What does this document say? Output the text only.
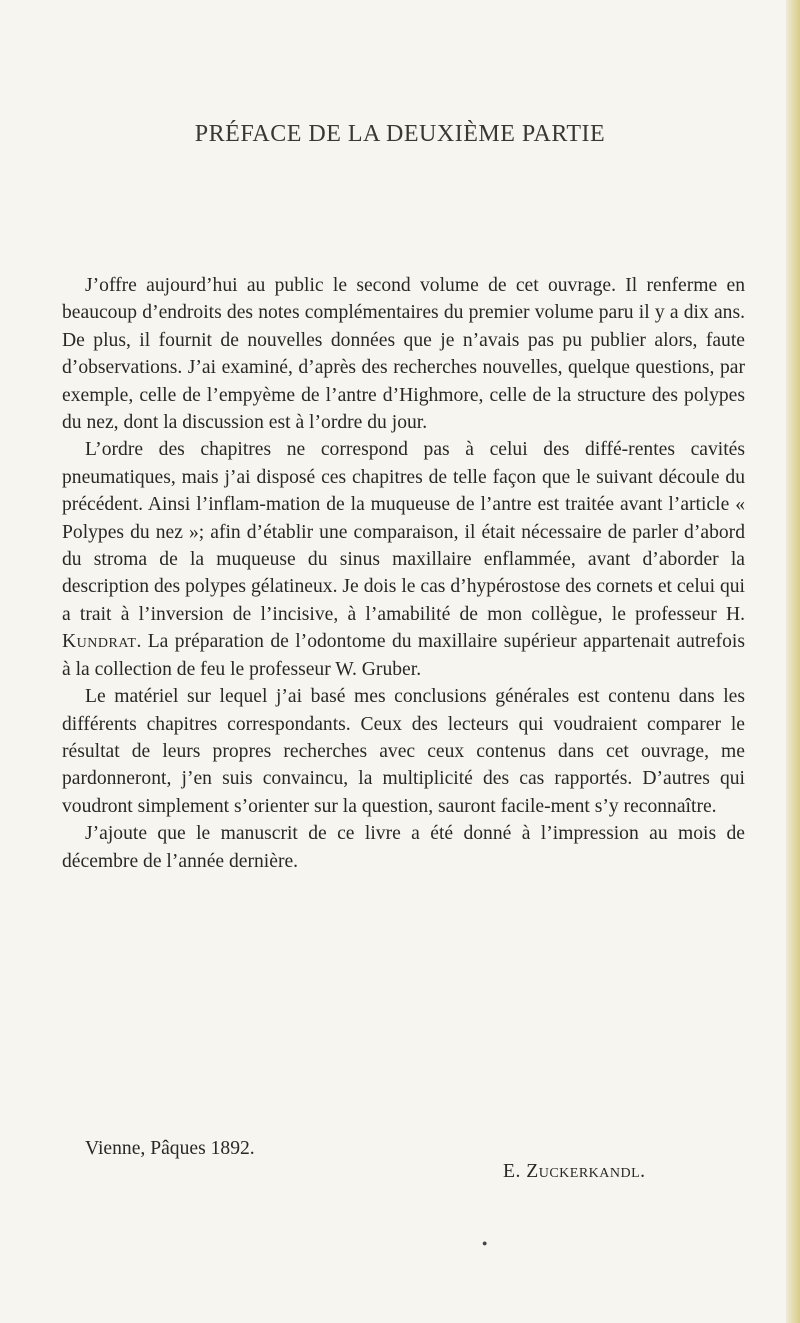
PRÉFACE DE LA DEUXIÈME PARTIE

J’offre aujourd’hui au public le second volume de cet ouvrage. Il renferme en beaucoup d’endroits des notes complémentaires du premier volume paru il y a dix ans. De plus, il fournit de nouvelles données que je n’avais pas pu publier alors, faute d’observations. J’ai examiné, d’après des recherches nouvelles, quelque questions, par exemple, celle de l’empyème de l’antre d’Highmore, celle de la structure des polypes du nez, dont la discussion est à l’ordre du jour.

L’ordre des chapitres ne correspond pas à celui des diffé-rentes cavités pneumatiques, mais j’ai disposé ces chapitres de telle façon que le suivant découle du précédent. Ainsi l’inflam-mation de la muqueuse de l’antre est traitée avant l’article « Polypes du nez »; afin d’établir une comparaison, il était nécessaire de parler d’abord du stroma de la muqueuse du sinus maxillaire enflammée, avant d’aborder la description des polypes gélatineux. Je dois le cas d’hypérostose des cornets et celui qui a trait à l’inversion de l’incisive, à l’amabilité de mon collègue, le professeur H. Kundrat. La préparation de l’odontome du maxillaire supérieur appartenait autrefois à la collection de feu le professeur W. Gruber.

Le matériel sur lequel j’ai basé mes conclusions générales est contenu dans les différents chapitres correspondants. Ceux des lecteurs qui voudraient comparer le résultat de leurs propres recherches avec ceux contenus dans cet ouvrage, me pardonneront, j’en suis convaincu, la multiplicité des cas rapportés. D’autres qui voudront simplement s’orienter sur la question, sauront facile-ment s’y reconnaître.

J’ajoute que le manuscrit de ce livre a été donné à l’impression au mois de décembre de l’année dernière.

Vienne, Pâques 1892.
E. Zuckerkandl.
●
